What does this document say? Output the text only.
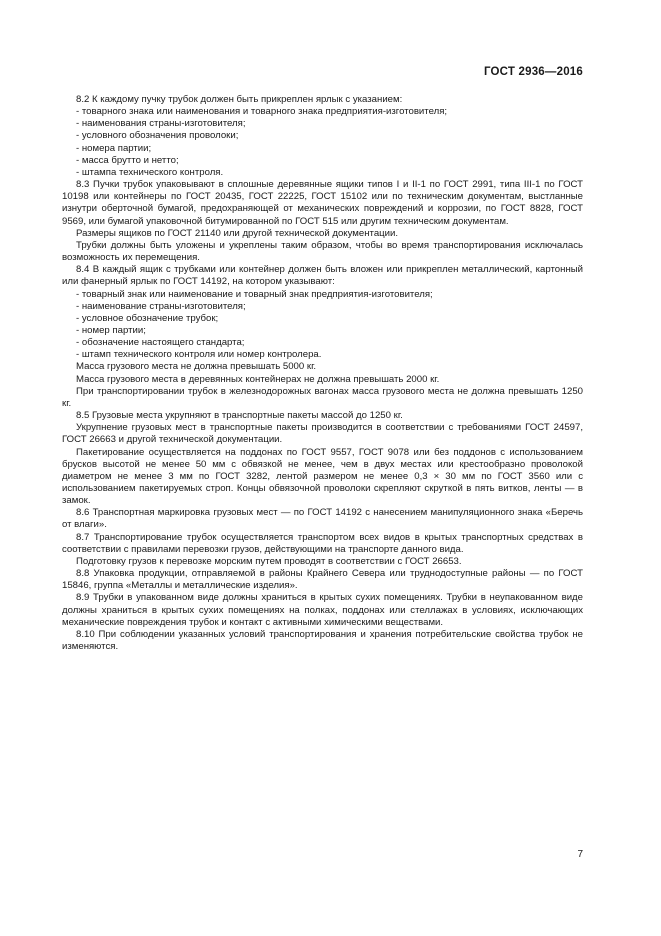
ГОСТ 2936—2016

8.2 К каждому пучку трубок должен быть прикреплен ярлык с указанием:

- товарного знака или наименования и товарного знака предприятия-изготовителя;

- наименования страны-изготовителя;

- условного обозначения проволоки;

- номера партии;

- масса брутто и нетто;

- штампа технического контроля.

8.3 Пучки трубок упаковывают в сплошные деревянные ящики типов I и II-1 по ГОСТ 2991, типа III-1 по ГОСТ 10198 или контейнеры по ГОСТ 20435, ГОСТ 22225, ГОСТ 15102 или по техническим документам, выстланные изнутри оберточной бумагой, предохраняющей от механических повреждений и коррозии, по ГОСТ 8828, ГОСТ 9569, или бумагой упаковочной битумированной по ГОСТ 515 или другим техническим документам.

Размеры ящиков по ГОСТ 21140 или другой технической документации.

Трубки должны быть уложены и укреплены таким образом, чтобы во время транспортирования исключалась возможность их перемещения.

8.4 В каждый ящик с трубками или контейнер должен быть вложен или прикреплен металлический, картонный или фанерный ярлык по ГОСТ 14192, на котором указывают:

- товарный знак или наименование и товарный знак предприятия-изготовителя;

- наименование страны-изготовителя;

- условное обозначение трубок;

- номер партии;

- обозначение настоящего стандарта;

- штамп технического контроля или номер контролера.

Масса грузового места не должна превышать 5000 кг.

Масса грузового места в деревянных контейнерах не должна превышать 2000 кг.

При транспортировании трубок в железнодорожных вагонах масса грузового места не должна превышать 1250 кг.

8.5 Грузовые места укрупняют в транспортные пакеты массой до 1250 кг.

Укрупнение грузовых мест в транспортные пакеты производится в соответствии с требованиями ГОСТ 24597, ГОСТ 26663 и другой технической документации.

Пакетирование осуществляется на поддонах по ГОСТ 9557, ГОСТ 9078 или без поддонов с использованием брусков высотой не менее 50 мм с обвязкой не менее, чем в двух местах или крестообразно проволокой диаметром не менее 3 мм по ГОСТ 3282, лентой размером не менее 0,3 × 30 мм по ГОСТ 3560 или с использованием пакетируемых строп. Концы обвязочной проволоки скрепляют скруткой в пять витков, ленты — в замок.

8.6 Транспортная маркировка грузовых мест — по ГОСТ 14192 с нанесением манипуляционного знака «Беречь от влаги».

8.7 Транспортирование трубок осуществляется транспортом всех видов в крытых транспортных средствах в соответствии с правилами перевозки грузов, действующими на транспорте данного вида.

Подготовку грузов к перевозке морским путем проводят в соответствии с ГОСТ 26653.

8.8 Упаковка продукции, отправляемой в районы Крайнего Севера или труднодоступные районы — по ГОСТ 15846, группа «Металлы и металлические изделия».

8.9 Трубки в упакованном виде должны храниться в крытых сухих помещениях. Трубки в неупакованном виде должны храниться в крытых сухих помещениях на полках, поддонах или стеллажах в условиях, исключающих механические повреждения трубок и контакт с активными химическими веществами.

8.10 При соблюдении указанных условий транспортирования и хранения потребительские свойства трубок не изменяются.

7
